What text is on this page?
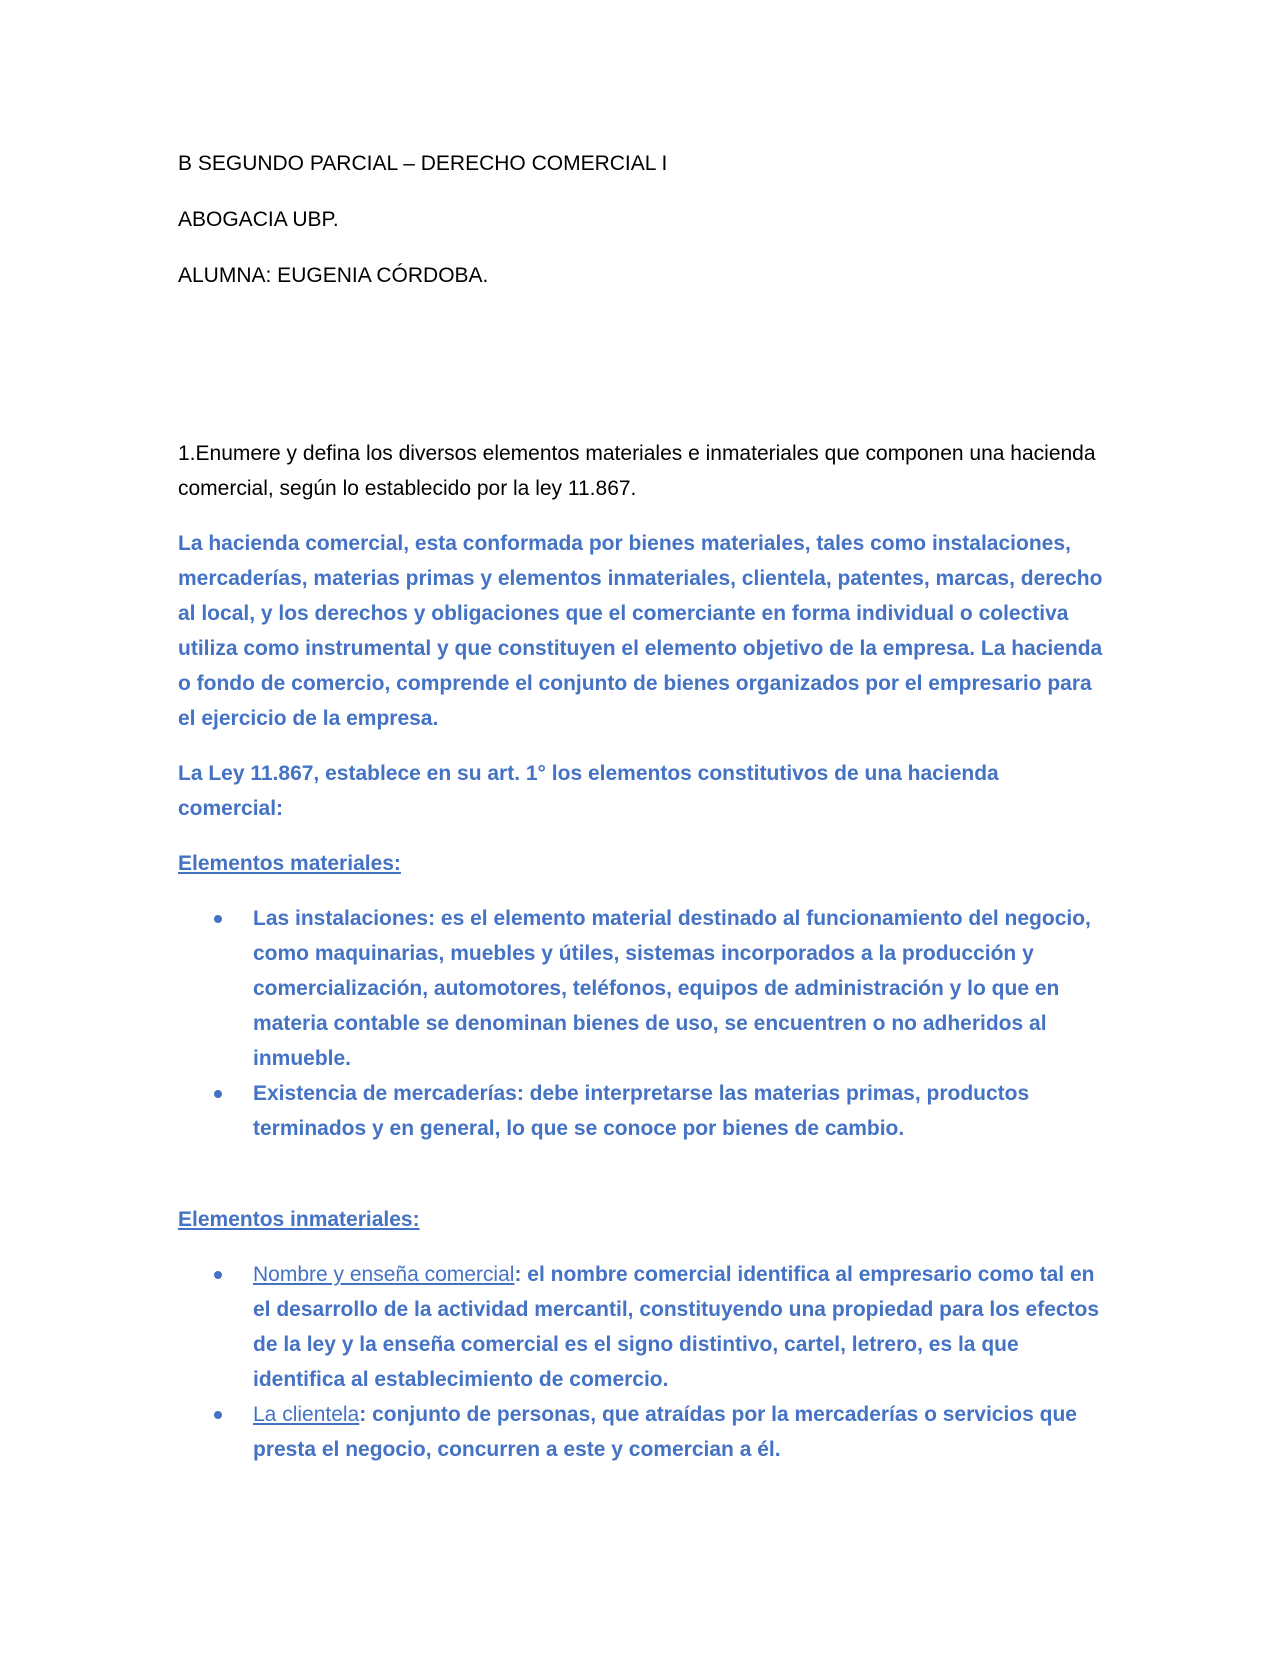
B SEGUNDO PARCIAL – DERECHO COMERCIAL I

ABOGACIA UBP.

ALUMNA: EUGENIA CÓRDOBA.

1.Enumere y defina los diversos elementos materiales e inmateriales que componen una hacienda comercial, según lo establecido por la ley 11.867.

La hacienda comercial, esta conformada por bienes materiales, tales como instalaciones, mercaderías, materias primas y elementos inmateriales, clientela, patentes, marcas, derecho al local, y los derechos y obligaciones que el comerciante en forma individual o colectiva utiliza como instrumental y que constituyen el elemento objetivo de la empresa. La hacienda o fondo de comercio, comprende el conjunto de bienes organizados por el empresario para el ejercicio de la empresa.

La Ley 11.867, establece en su art. 1° los elementos constitutivos de una hacienda comercial:

Elementos materiales:

Las instalaciones: es el elemento material destinado al funcionamiento del negocio, como maquinarias, muebles y útiles, sistemas incorporados a la producción y comercialización, automotores, teléfonos, equipos de administración y lo que en materia contable se denominan bienes de uso, se encuentren o no adheridos al inmueble.
Existencia de mercaderías: debe interpretarse las materias primas, productos terminados y en general, lo que se conoce por bienes de cambio.

Elementos inmateriales:

Nombre y enseña comercial: el nombre comercial identifica al empresario como tal en el desarrollo de la actividad mercantil, constituyendo una propiedad para los efectos de la ley y la enseña comercial es el signo distintivo, cartel, letrero, es la que identifica al establecimiento de comercio.
La clientela: conjunto de personas, que atraídas por la mercaderías o servicios que presta el negocio, concurren a este y comercian a él.
